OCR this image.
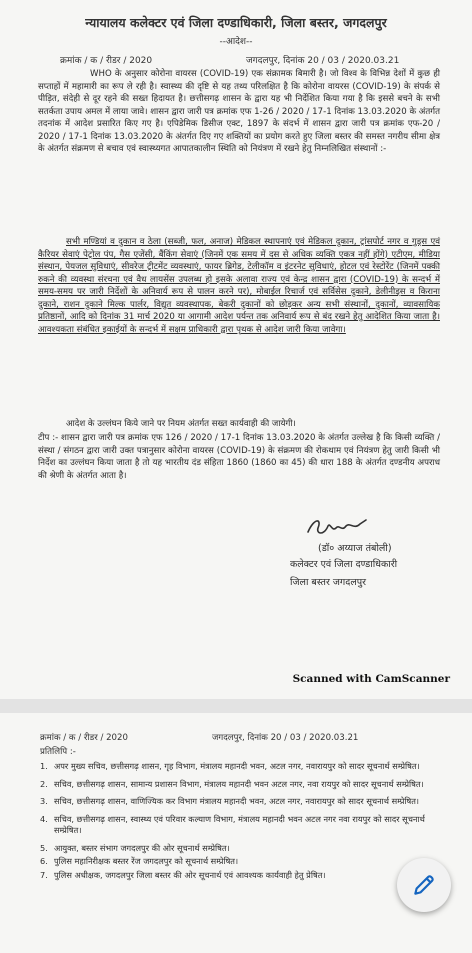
न्यायालय कलेक्टर एवं जिला दण्डाधिकारी, जिला बस्तर, जगदलपुर
--आदेश--
क्रमांक / क / रीडर / 2020	जगदलपुर, दिनांक 20 / 03 / 2020.03.21
WHO के अनुसार कोरोना वायरस (COVID-19) एक संक्रामक बिमारी है। जो विश्व के विभिन्न देशों में कुछ ही सप्ताहों में महामारी का रूप ले रही है। स्वास्थ्य की दृष्टि से यह तथ्य परिलक्षित है कि कोरोना वायरस (COVID-19) के संपर्क से पीड़ित, संदेही से दूर रहने की सख्त हिदायत है। छत्तीसगढ़ शासन के द्वारा यह भी निर्देशित किया गया है कि इससे बचने के सभी सतर्कता उपाय अमल में लाया जावे। शासन द्वारा जारी पत्र क्रमांक एफ 1-26 / 2020 / 17-1 दिनांक 13.03.2020 के अंतर्गत तदनांक में आदेश प्रसारित किए गए है। एपिडेमिक डिसीज एक्ट, 1897 के संदर्भ में शासन द्वारा जारी पत्र क्रमांक एफ-20 / 2020 / 17-1 दिनांक 13.03.2020 के अंतर्गत दिए गए शक्तियों का प्रयोग करते हुए जिला बस्तर की समस्त नगरीय सीमा क्षेत्र के अंतर्गत संक्रमण से बचाव एवं स्वास्थ्यगत आपातकालीन स्थिति को नियंत्रण में रखने हेतु निम्नलिखित संस्थानों :-
सभी मण्डियां व दुकान व ठेला (सब्जी, फल, अनाज) मेडिकल स्थापनाएं एवं मेडिकल दुकान, ट्रांसपोर्ट नगर व गुड्स एवं कैरियर सेवाएं पेट्रोल पंप, गैस एजेंसी, बैंकिंग सेवाएं (जिनमें एक समय में दस से अधिक व्यक्ति एकत्र नहीं होंगे) एटीएम, मीडिया संस्थान, पेयजल सुविधाएं, सीवरेज ट्रीटमेंट व्यवस्थाएं, फायर ब्रिगेड, टेलीकॉम व इंटरनेट सुविधाएं, होटल एवं रेस्टोरेंट (जिनमें पक्की रुकने की व्यवस्था संरचना एवं वैध लायसेंस उपलब्ध हो इसके अलावा राज्य एवं केन्द्र शासन द्वारा (COVID-19) के सन्दर्भ में समय-समय पर जारी निर्देशों के अनिवार्य रूप से पालन करने पर), मोबाईल रिचार्ज एवं सर्विसेस दुकाने, डेलीनीड्स व किराना दुकाने, राशन दुकाने मिल्क पार्लर, विद्युत व्यवस्थापक, बेकरी दुकानों को छोड़कर अन्य सभी संस्थानों, दुकानों, व्यावसायिक प्रतिष्ठानों, आदि को दिनांक 31 मार्च 2020 या आगामी आदेश पर्यन्त तक अनिवार्य रूप से बंद रखने हेतु आदेशित किया जाता है। आवश्यकता संबंधित इकाईयों के सन्दर्भ में सक्षम प्राधिकारी द्वारा पृथक से आदेश जारी किया जावेगा।
आदेश के उल्लंघन किये जाने पर नियम अंतर्गत सख्त कार्यवाही की जायेगी।
टीप :- शासन द्वारा जारी पत्र क्रमांक एफ 126 / 2020 / 17-1 दिनांक 13.03.2020 के अंतर्गत उल्लेख है कि किसी व्यक्ति / संस्था / संगठन द्वारा जारी उक्त पत्रानुसार कोरोना वायरस (COVID-19) के संक्रमण की रोकथाम एवं नियंत्रण हेतु जारी किसी भी निर्देश का उल्लंघन किया जाता है तो यह भारतीय दंड संहिता 1860 (1860 का 45) की धारा 188 के अंतर्गत दण्डनीय अपराध की श्रेणी के अंतर्गत आता है।
(डॉ० अय्याज तंबोली)
कलेक्टर एवं जिला दण्डाधिकारी
जिला बस्तर जगदलपुर
Scanned with CamScanner
क्रमांक / क / रीडर / 2020	जगदलपुर, दिनांक 20 / 03 / 2020.03.21
प्रतिलिपि :-
1. अपर मुख्य सचिव, छत्तीसगढ़ शासन, गृह विभाग, मंत्रालय महानदी भवन, अटल नगर, नवारायपुर को सादर सूचनार्थ सम्प्रेषित।
2. सचिव, छत्तीसगढ़ शासन, सामान्य प्रशासन विभाग, मंत्रालय महानदी भवन अटल नगर, नवा रायपुर को सादर सूचनार्थ सम्प्रेषित।
3. सचिव, छत्तीसगढ़ शासन, वाणिज्यिक कर विभाग मंत्रालय महानदी भवन, अटल नगर, नवारायपुर को सादर सूचनार्थ सम्प्रेषित।
4. सचिव, छत्तीसगढ़ शासन, स्वास्थ्य एवं परिवार कल्याण विभाग, मंत्रालय महानदी भवन अटल नगर नवा रायपुर को सादर सूचनार्थ सम्प्रेषित।
5. आयुक्त, बस्तर संभाग जगदलपुर की ओर सूचनार्थ सम्प्रेषित।
6. पुलिस महानिरीक्षक बस्तर रेंज जगदलपुर को सूचनार्थ सम्प्रेषित।
7. पुलिस अधीक्षक, जगदलपुर जिला बस्तर की ओर सूचनार्थ एवं आवश्यक कार्यवाही हेतु प्रेषित।
